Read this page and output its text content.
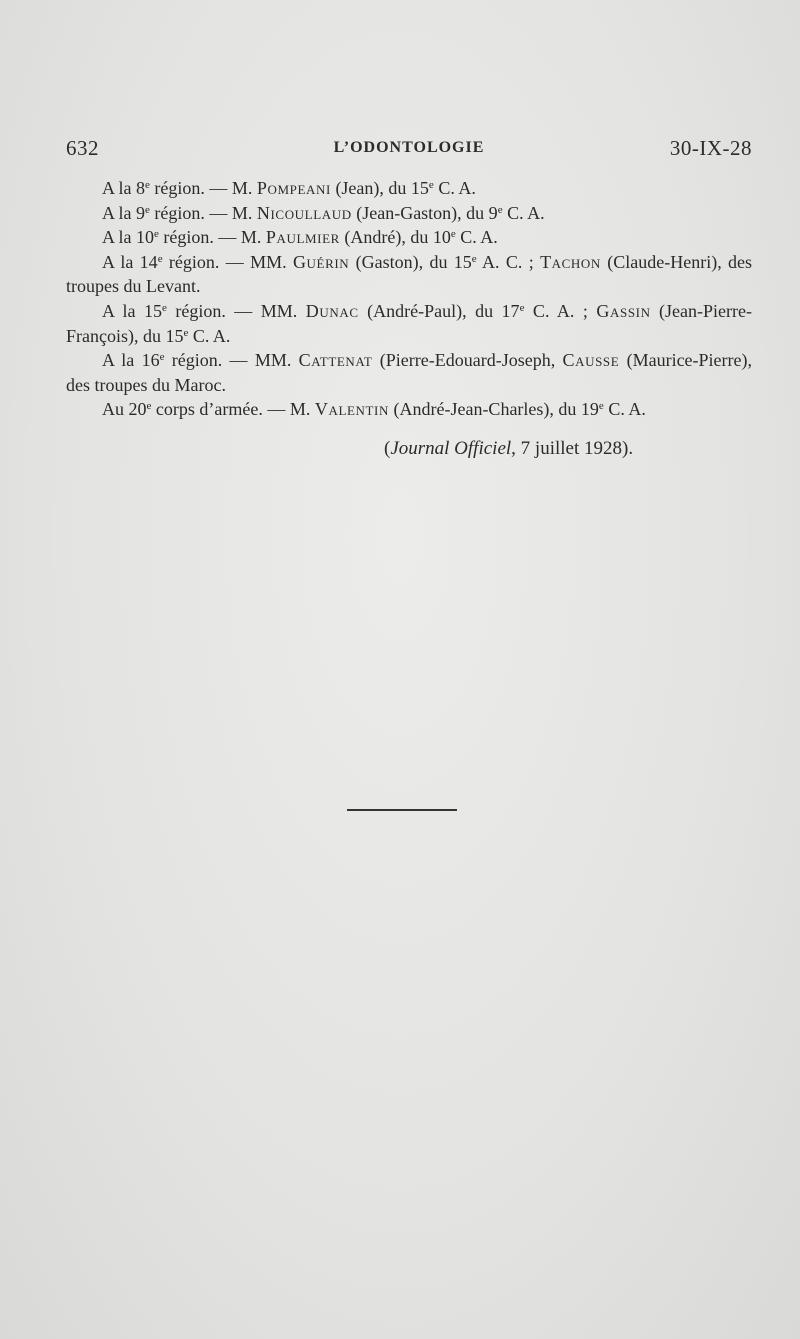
632	L’ODONTOLOGIE	30-IX-28

A la 8e région. — M. Pompeani (Jean), du 15e C. A.

A la 9e région. — M. Nicoullaud (Jean-Gaston), du 9e C. A.

A la 10e région. — M. Paulmier (André), du 10e C. A.

A la 14e région. — MM. Guérin (Gaston), du 15e A. C. ; Tachon (Claude-Henri), des troupes du Levant.

A la 15e région. — MM. Dunac (André-Paul), du 17e C. A. ; Gassin (Jean-Pierre-François), du 15e C. A.

A la 16e région. — MM. Cattenat (Pierre-Edouard-Joseph, Causse (Maurice-Pierre), des troupes du Maroc.

Au 20e corps d’armée. — M. Valentin (André-Jean-Charles), du 19e C. A.

(Journal Officiel, 7 juillet 1928).
